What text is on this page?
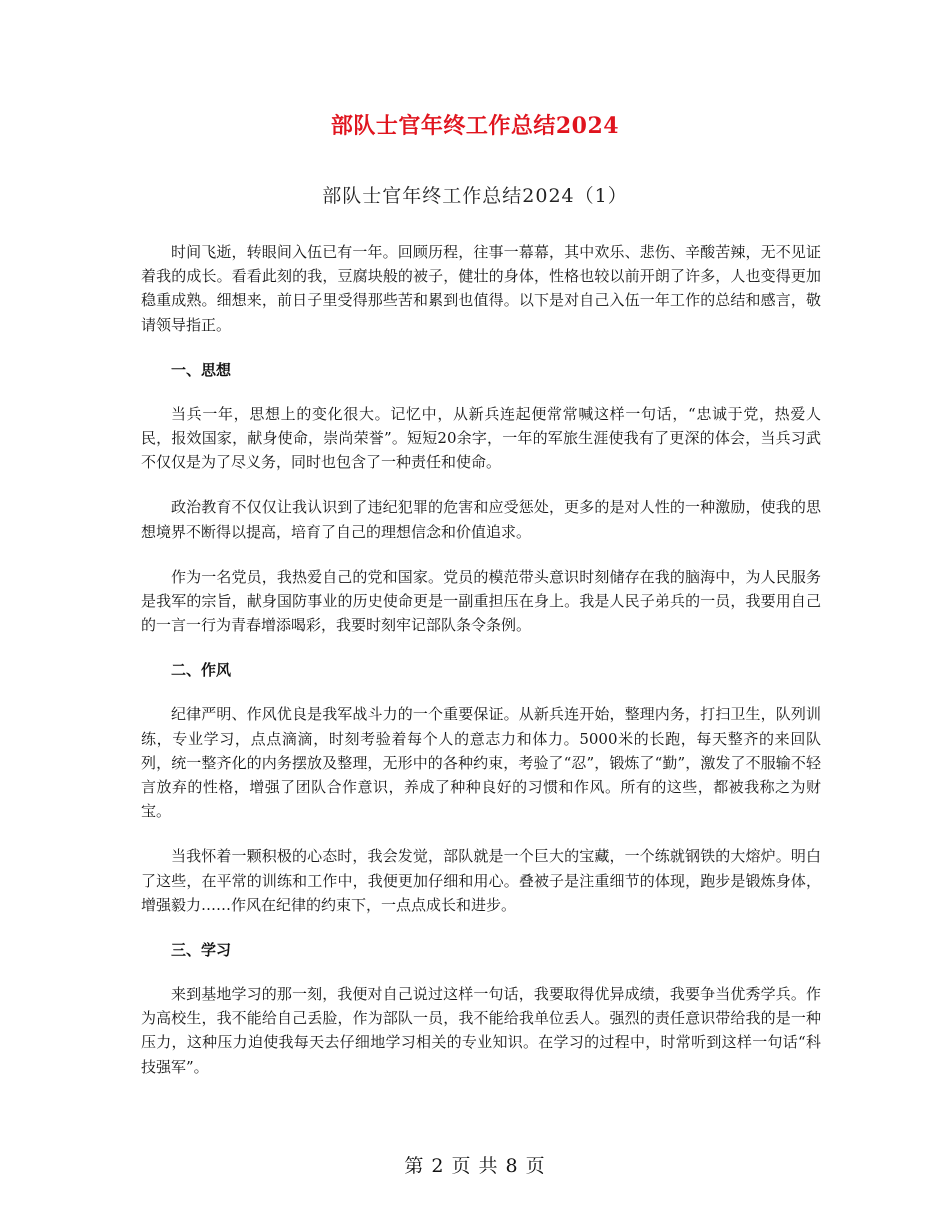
部队士官年终工作总结2024
部队士官年终工作总结2024（1）

时间飞逝，转眼间入伍已有一年。回顾历程，往事一幕幕，其中欢乐、悲伤、辛酸苦辣，无不见证着我的成长。看看此刻的我，豆腐块般的被子，健壮的身体，性格也较以前开朗了许多，人也变得更加稳重成熟。细想来，前日子里受得那些苦和累到也值得。以下是对自己入伍一年工作的总结和感言，敬请领导指正。

一、思想

当兵一年，思想上的变化很大。记忆中，从新兵连起便常常喊这样一句话，“忠诚于党，热爱人民，报效国家，献身使命，崇尚荣誉”。短短20余字，一年的军旅生涯使我有了更深的体会，当兵习武不仅仅是为了尽义务，同时也包含了一种责任和使命。

政治教育不仅仅让我认识到了违纪犯罪的危害和应受惩处，更多的是对人性的一种激励，使我的思想境界不断得以提高，培育了自己的理想信念和价值追求。

作为一名党员，我热爱自己的党和国家。党员的模范带头意识时刻储存在我的脑海中，为人民服务是我军的宗旨，献身国防事业的历史使命更是一副重担压在身上。我是人民子弟兵的一员，我要用自己的一言一行为青春增添喝彩，我要时刻牢记部队条令条例。

二、作风

纪律严明、作风优良是我军战斗力的一个重要保证。从新兵连开始，整理内务，打扫卫生，队列训练，专业学习，点点滴滴，时刻考验着每个人的意志力和体力。5000米的长跑，每天整齐的来回队列，统一整齐化的内务摆放及整理，无形中的各种约束，考验了“忍”，锻炼了“勤”，激发了不服输不轻言放弃的性格，增强了团队合作意识，养成了种种良好的习惯和作风。所有的这些，都被我称之为财宝。

当我怀着一颗积极的心态时，我会发觉，部队就是一个巨大的宝藏，一个练就钢铁的大熔炉。明白了这些，在平常的训练和工作中，我便更加仔细和用心。叠被子是注重细节的体现，跑步是锻炼身体，增强毅力……作风在纪律的约束下，一点点成长和进步。

三、学习

来到基地学习的那一刻，我便对自己说过这样一句话，我要取得优异成绩，我要争当优秀学兵。作为高校生，我不能给自己丢脸，作为部队一员，我不能给我单位丢人。强烈的责任意识带给我的是一种压力，这种压力迫使我每天去仔细地学习相关的专业知识。在学习的过程中，时常听到这样一句话“科技强军”。

第 2 页 共 8 页
